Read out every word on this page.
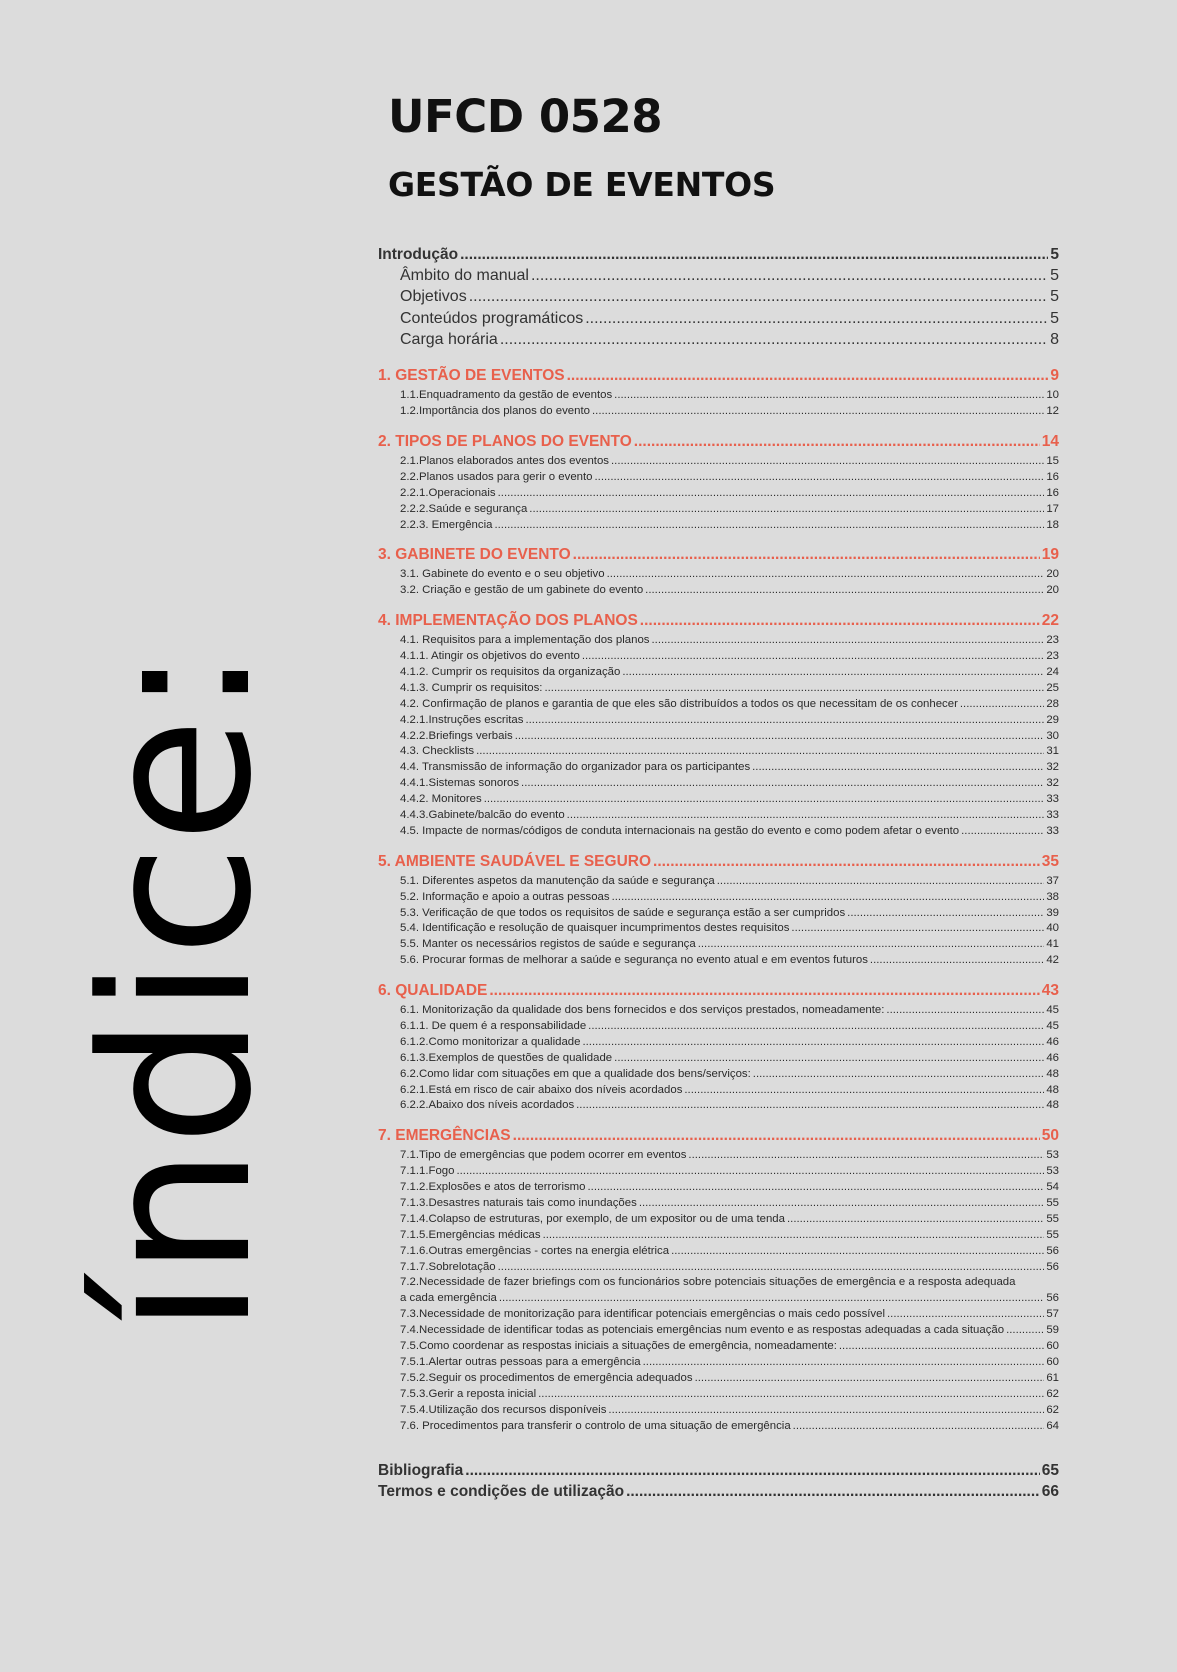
índice:
UFCD 0528
GESTÃO DE EVENTOS
Introdução .....	5
Âmbito do manual .....	5
Objetivos .....	5
Conteúdos programáticos .....	5
Carga horária .....	8
1. GESTÃO DE EVENTOS .....	9
1.1.Enquadramento da gestão de eventos .....	10
1.2.Importância dos planos do evento .....	12
2. TIPOS DE PLANOS DO EVENTO .....	14
2.1.Planos elaborados antes dos eventos .....	15
2.2.Planos usados para gerir o evento .....	16
2.2.1.Operacionais .....	16
2.2.2.Saúde e segurança .....	17
2.2.3. Emergência .....	18
3. GABINETE DO EVENTO .....	19
3.1. Gabinete do evento e o seu objetivo .....	20
3.2. Criação e gestão de um gabinete do evento .....	20
4. IMPLEMENTAÇÃO DOS PLANOS .....	22
4.1. Requisitos para a implementação dos planos .....	23
4.1.1. Atingir os objetivos do evento .....	23
4.1.2. Cumprir os requisitos da organização .....	24
4.1.3. Cumprir os requisitos: .....	25
4.2. Confirmação de planos e garantia de que eles são distribuídos a todos os que necessitam de os conhecer .....	28
4.2.1.Instruções escritas .....	29
4.2.2.Briefings verbais .....	30
4.3. Checklists .....	31
4.4. Transmissão de informação do organizador para os participantes .....	32
4.4.1.Sistemas sonoros .....	32
4.4.2. Monitores .....	33
4.4.3.Gabinete/balcão do evento .....	33
4.5. Impacte de normas/códigos de conduta internacionais na gestão do evento e como podem afetar o evento .....	33
5. AMBIENTE SAUDÁVEL E SEGURO .....	35
5.1. Diferentes aspetos da manutenção da saúde e segurança .....	37
5.2. Informação e apoio a outras pessoas .....	38
5.3. Verificação de que todos os requisitos de saúde e segurança estão a ser cumpridos .....	39
5.4. Identificação e resolução de quaisquer incumprimentos destes requisitos .....	40
5.5. Manter os necessários registos de saúde e segurança .....	41
5.6. Procurar formas de melhorar a saúde e segurança no evento atual e em eventos futuros .....	42
6. QUALIDADE .....	43
6.1. Monitorização da qualidade dos bens fornecidos e dos serviços prestados, nomeadamente: .....	45
6.1.1. De quem é a responsabilidade .....	45
6.1.2.Como monitorizar a qualidade .....	46
6.1.3.Exemplos de questões de qualidade .....	46
6.2.Como lidar com situações em que a qualidade dos bens/serviços: .....	48
6.2.1.Está em risco de cair abaixo dos níveis acordados .....	48
6.2.2.Abaixo dos níveis acordados .....	48
7. EMERGÊNCIAS .....	50
7.1.Tipo de emergências que podem ocorrer em eventos .....	53
7.1.1.Fogo .....	53
7.1.2.Explosões e atos de terrorismo .....	54
7.1.3.Desastres naturais tais como inundações .....	55
7.1.4.Colapso de estruturas, por exemplo, de um expositor ou de uma tenda .....	55
7.1.5.Emergências médicas .....	55
7.1.6.Outras emergências - cortes na energia elétrica .....	56
7.1.7.Sobrelotação .....	56
7.2.Necessidade de fazer briefings com os funcionários sobre potenciais situações de emergência e a resposta adequada
a cada emergência .....	56
7.3.Necessidade de monitorização para identificar potenciais emergências o mais cedo possível .....	57
7.4.Necessidade de identificar todas as potenciais emergências num evento e as respostas adequadas a cada situação .....	59
7.5.Como coordenar as respostas iniciais a situações de emergência, nomeadamente: .....	60
7.5.1.Alertar outras pessoas para a emergência .....	60
7.5.2.Seguir os procedimentos de emergência adequados .....	61
7.5.3.Gerir a reposta inicial .....	62
7.5.4.Utilização dos recursos disponíveis .....	62
7.6. Procedimentos para transferir o controlo de uma situação de emergência .....	64
Bibliografia .....	65
Termos e condições de utilização .....	66
